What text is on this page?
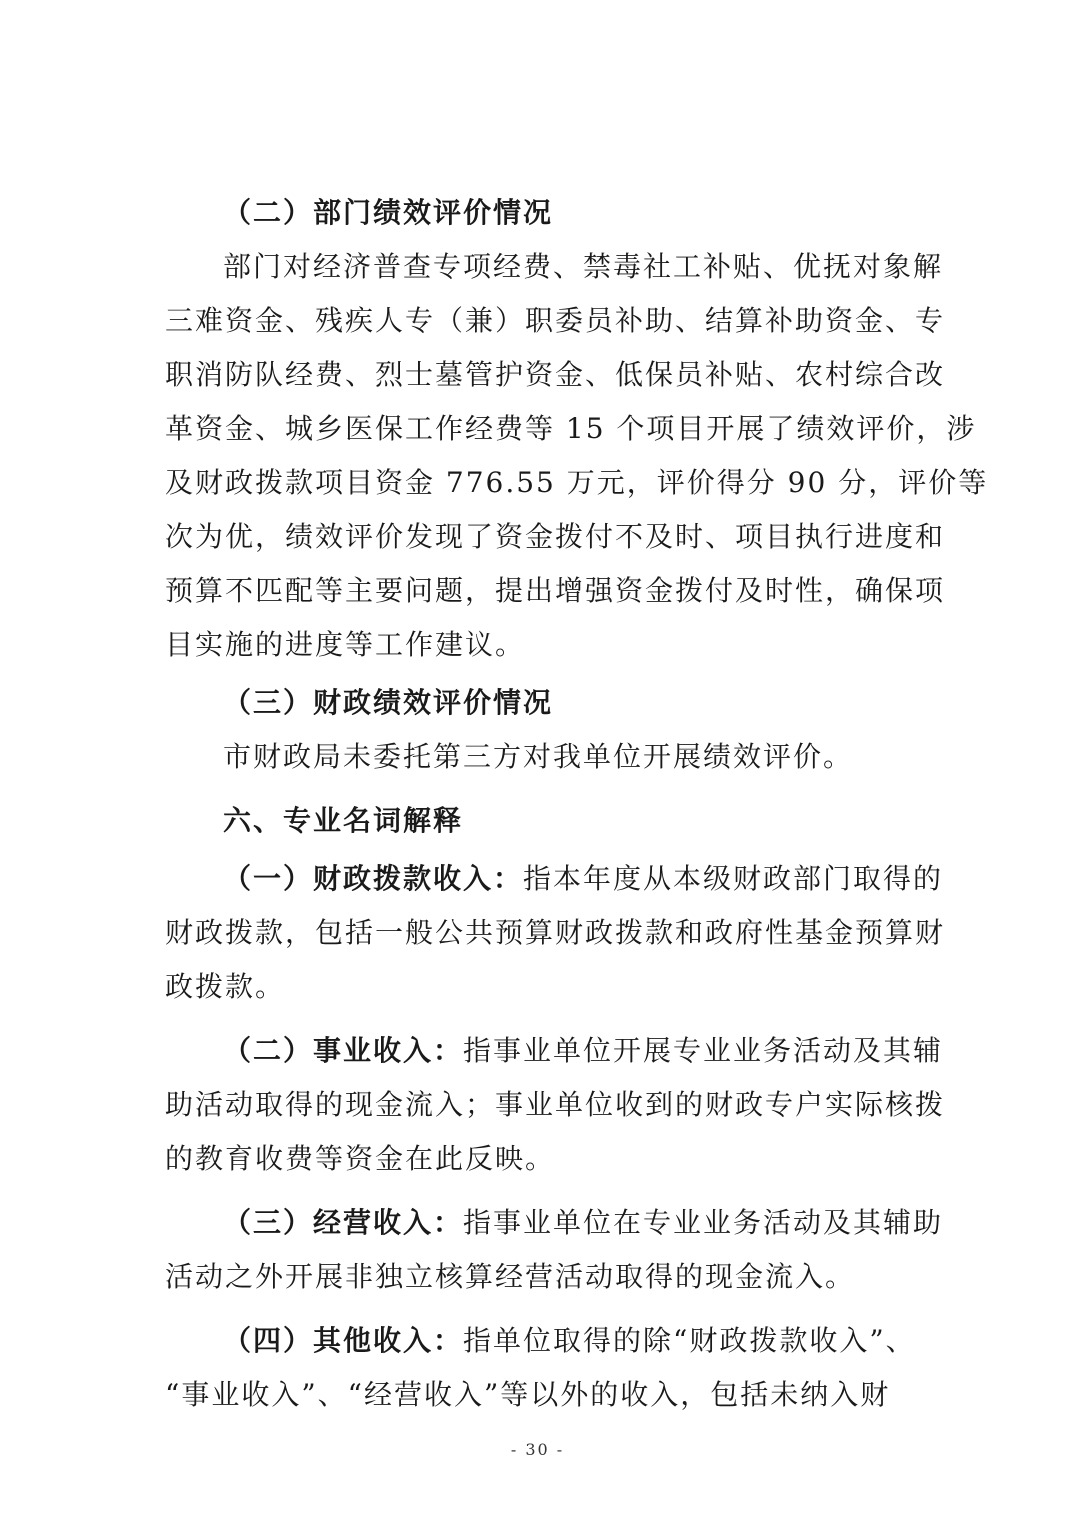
（二）部门绩效评价情况
部门对经济普查专项经费、禁毒社工补贴、优抚对象解
三难资金、残疾人专（兼）职委员补助、结算补助资金、专
职消防队经费、烈士墓管护资金、低保员补贴、农村综合改
革资金、城乡医保工作经费等 15 个项目开展了绩效评价，涉
及财政拨款项目资金 776.55 万元，评价得分 90 分，评价等
次为优，绩效评价发现了资金拨付不及时、项目执行进度和
预算不匹配等主要问题，提出增强资金拨付及时性，确保项
目实施的进度等工作建议。
（三）财政绩效评价情况
市财政局未委托第三方对我单位开展绩效评价。
六、专业名词解释
（一）财政拨款收入：指本年度从本级财政部门取得的
财政拨款，包括一般公共预算财政拨款和政府性基金预算财
政拨款。
（二）事业收入：指事业单位开展专业业务活动及其辅
助活动取得的现金流入；事业单位收到的财政专户实际核拨
的教育收费等资金在此反映。
（三）经营收入：指事业单位在专业业务活动及其辅助
活动之外开展非独立核算经营活动取得的现金流入。
（四）其他收入：指单位取得的除“财政拨款收入”、
“事业收入”、“经营收入”等以外的收入，包括未纳入财
- 30 -
